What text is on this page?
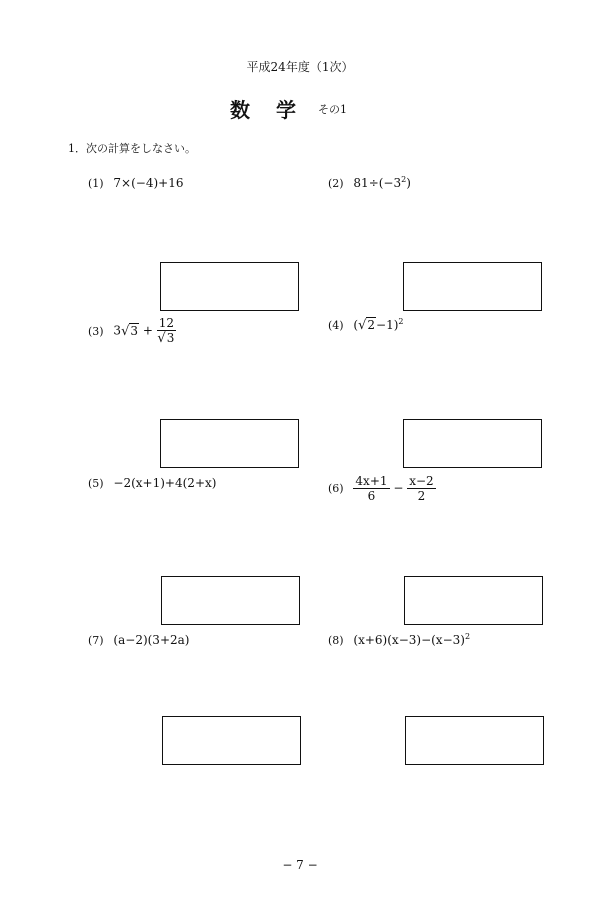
平成24年度（1次）
数学
その1
1．次の計算をしなさい。
(1) 7×(−4)+16	(2) $81\div(-3^2)$
(3) $3√3 + \frac{12}{√3}$	(4) $(√2-1)^2$
(5) −2(x+1)+4(2+x)	$(6) \frac{4x+1}{6} - \frac{x-2}{2}$
(7) (a−2)(3+2a)	(8) $(x+6)(x-3)-(x-3)^2$
− 7 −
